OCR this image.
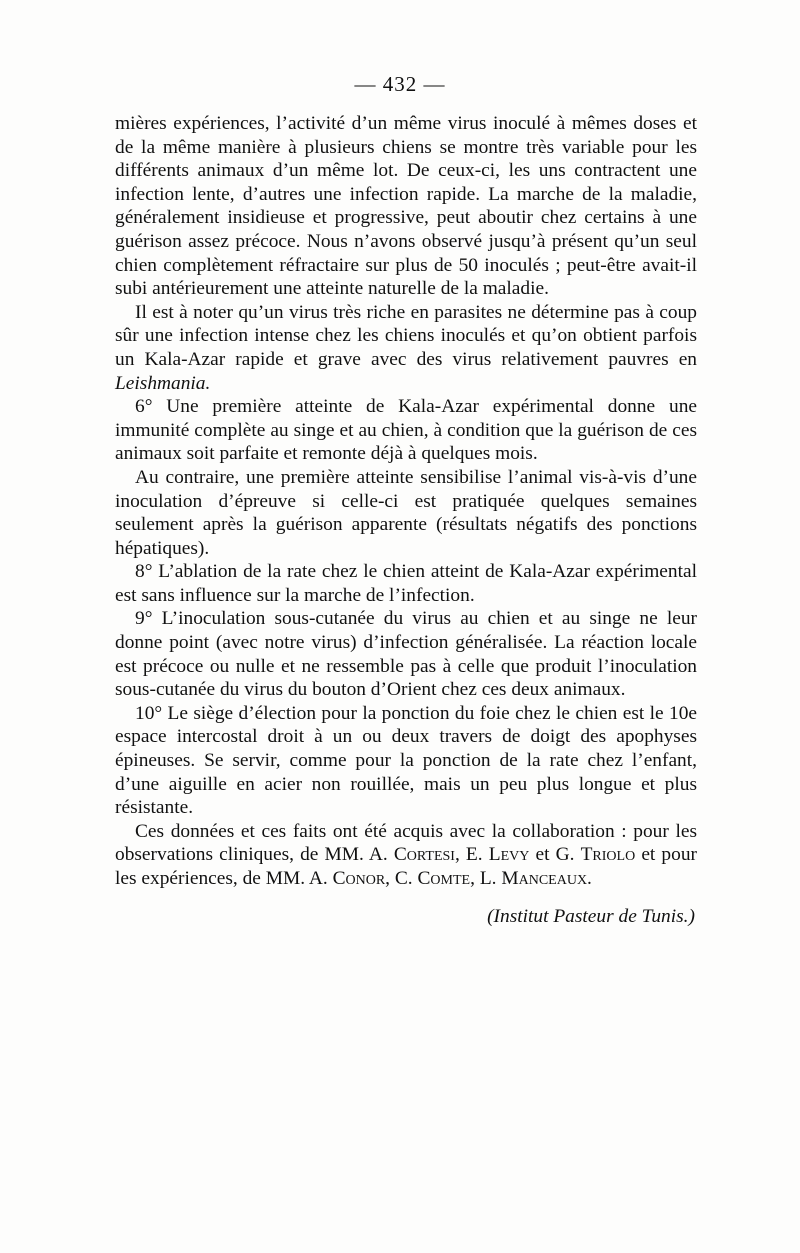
— 432 —

mières expériences, l’activité d’un même virus inoculé à mêmes doses et de la même manière à plusieurs chiens se montre très variable pour les différents animaux d’un même lot. De ceux-ci, les uns contractent une infection lente, d’autres une infection rapide. La marche de la maladie, généralement insidieuse et progressive, peut aboutir chez certains à une guérison assez précoce. Nous n’avons observé jusqu’à présent qu’un seul chien complètement réfractaire sur plus de 50 inoculés ; peut-être avait-il subi antérieurement une atteinte naturelle de la maladie.

Il est à noter qu’un virus très riche en parasites ne détermine pas à coup sûr une infection intense chez les chiens inoculés et qu’on obtient parfois un Kala-Azar rapide et grave avec des virus relativement pauvres en Leishmania.

6° Une première atteinte de Kala-Azar expérimental donne une immunité complète au singe et au chien, à condition que la guérison de ces animaux soit parfaite et remonte déjà à quelques mois.

Au contraire, une première atteinte sensibilise l’animal vis-à-vis d’une inoculation d’épreuve si celle-ci est pratiquée quelques semaines seulement après la guérison apparente (résultats négatifs des ponctions hépatiques).

8° L’ablation de la rate chez le chien atteint de Kala-Azar expérimental est sans influence sur la marche de l’infection.

9° L’inoculation sous-cutanée du virus au chien et au singe ne leur donne point (avec notre virus) d’infection généralisée. La réaction locale est précoce ou nulle et ne ressemble pas à celle que produit l’inoculation sous-cutanée du virus du bouton d’Orient chez ces deux animaux.

10° Le siège d’élection pour la ponction du foie chez le chien est le 10e espace intercostal droit à un ou deux travers de doigt des apophyses épineuses. Se servir, comme pour la ponction de la rate chez l’enfant, d’une aiguille en acier non rouillée, mais un peu plus longue et plus résistante.

Ces données et ces faits ont été acquis avec la collaboration : pour les observations cliniques, de MM. A. Cortesi, E. Levy et G. Triolo et pour les expériences, de MM. A. Conor, C. Comte, L. Manceaux.

(Institut Pasteur de Tunis.)
